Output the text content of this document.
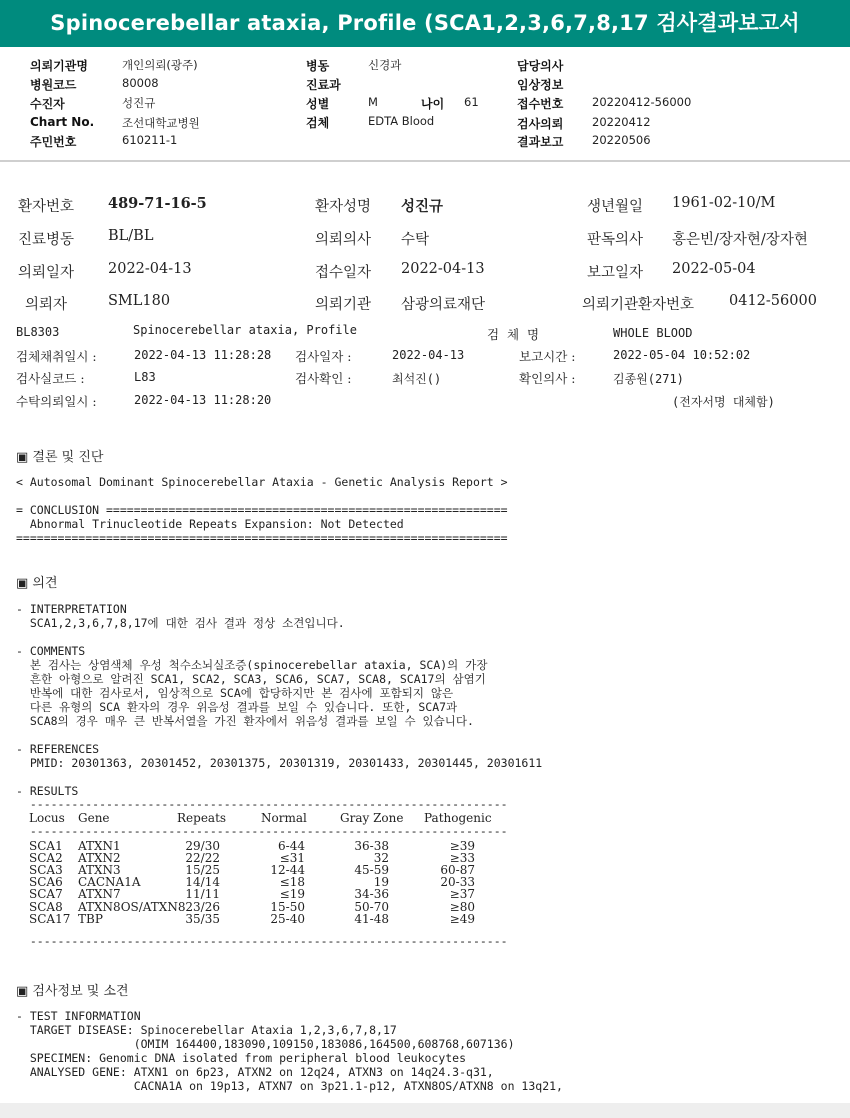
Spinocerebellar ataxia, Profile (SCA1,2,3,6,7,8,17 검사결과보고서
의뢰기관명	개인의뢰(광주)
병원코드	80008
수진자	성진규
Chart No. 조선대학교병원
주민번호	610211-1
병동	신경과
진료과
성별	M	나이 61
검체	EDTA Blood
담당의사
임상정보
접수번호 20220412-56000
검사의뢰 20220412
결과보고 20220506
환자번호 489-71-16-5	환자성명 성진규	생년월일 1961-02-10/M
진료병동 BL/BL	의뢰의사 수탁	판독의사 홍은빈/장자현/장자현
의뢰일자 2022-04-13	접수일자 2022-04-13	보고일자 2022-05-04
의뢰자	SML180	의뢰기관 삼광의료재단	의뢰기관환자번호 0412-56000
BL8303	Spinocerebellar ataxia, Profile	검  체  명	WHOLE BLOOD
검체채취일시 :	2022-04-13 11:28:28 검사일자 :	2022-04-13	보고시간 :	2022-05-04 10:52:02
검사실코드 :	L83	검사확인 :	최석진()	확인의사 :	김종원(271)
수탁의뢰일시 :	2022-04-13 11:28:20	(전자서명 대체함)
▣ 결론 및 진단
< Autosomal Dominant Spinocerebellar Ataxia - Genetic Analysis Report >
= CONCLUSION ==========================================================
Abnormal Trinucleotide Repeats Expansion: Not Detected
=======================================================================
▣ 의견
- INTERPRETATION
SCA1,2,3,6,7,8,17에 대한 검사 결과 정상 소견입니다.
- COMMENTS
본 검사는 상염색체 우성 척수소뇌실조증(spinocerebellar ataxia, SCA)의 가장
흔한 아형으로 알려진 SCA1, SCA2, SCA3, SCA6, SCA7, SCA8, SCA17의 삼염기
반복에 대한 검사로서, 임상적으로 SCA에 합당하지만 본 검사에 포함되지 않은
다른 유형의 SCA 환자의 경우 위음성 결과를 보일 수 있습니다. 또한, SCA7과
SCA8의 경우 매우 큰 반복서열을 가진 환자에서 위음성 결과를 보일 수 있습니다.
- REFERENCES
PMID: 20301363, 20301452, 20301375, 20301319, 20301433, 20301445, 20301611
- RESULTS
---------------------------------------------------------------------
Locus Gene	Repeats	Normal	Gray Zone Pathogenic
---------------------------------------------------------------------
SCA1 ATXN1	29/30	6-44	36-38	≥39
SCA2 ATXN2	22/22	≤31	32	≥33
SCA3 ATXN3	15/25	12-44	45-59	60-87
SCA6 CACNA1A	14/14	≤18	19	20-33
SCA7 ATXN7	11/11	≤19	34-36	≥37
SCA8 ATXN8OS/ATXN8 23/26	15-50	50-70	≥80
SCA17 TBP	35/35	25-40	41-48	≥49
---------------------------------------------------------------------
▣ 검사정보 및 소견
- TEST INFORMATION
TARGET DISEASE: Spinocerebellar Ataxia 1,2,3,6,7,8,17
(OMIM 164400,183090,109150,183086,164500,608768,607136)
SPECIMEN: Genomic DNA isolated from peripheral blood leukocytes
ANALYSED GENE: ATXN1 on 6p23, ATXN2 on 12q24, ATXN3 on 14q24.3-q31,
CACNA1A on 19p13, ATXN7 on 3p21.1-p12, ATXN8OS/ATXN8 on 13q21,
